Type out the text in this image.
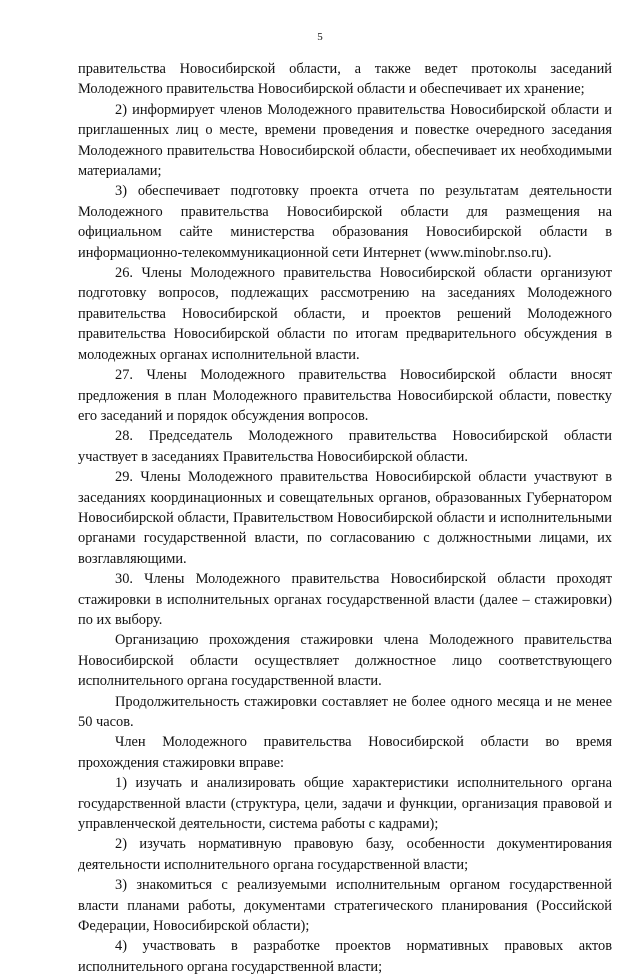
5

правительства Новосибирской области, а также ведет протоколы заседаний Молодежного правительства Новосибирской области и обеспечивает их хранение;

2) информирует членов Молодежного правительства Новосибирской области и приглашенных лиц о месте, времени проведения и повестке очередного заседания Молодежного правительства Новосибирской области, обеспечивает их необходимыми материалами;

3) обеспечивает подготовку проекта отчета по результатам деятельности Молодежного правительства Новосибирской области для размещения на официальном сайте министерства образования Новосибирской области в информационно-телекоммуникационной сети Интернет (www.minobr.nso.ru).

26. Члены Молодежного правительства Новосибирской области организуют подготовку вопросов, подлежащих рассмотрению на заседаниях Молодежного правительства Новосибирской области, и проектов решений Молодежного правительства Новосибирской области по итогам предварительного обсуждения в молодежных органах исполнительной власти.

27. Члены Молодежного правительства Новосибирской области вносят предложения в план Молодежного правительства Новосибирской области, повестку его заседаний и порядок обсуждения вопросов.

28. Председатель Молодежного правительства Новосибирской области участвует в заседаниях Правительства Новосибирской области.

29. Члены Молодежного правительства Новосибирской области участвуют в заседаниях координационных и совещательных органов, образованных Губернатором Новосибирской области, Правительством Новосибирской области и исполнительными органами государственной власти, по согласованию с должностными лицами, их возглавляющими.

30. Члены Молодежного правительства Новосибирской области проходят стажировки в исполнительных органах государственной власти (далее – стажировки) по их выбору.

Организацию прохождения стажировки члена Молодежного правительства Новосибирской области осуществляет должностное лицо соответствующего исполнительного органа государственной власти.

Продолжительность стажировки составляет не более одного месяца и не менее 50 часов.

Член Молодежного правительства Новосибирской области во время прохождения стажировки вправе:

1) изучать и анализировать общие характеристики исполнительного органа государственной власти (структура, цели, задачи и функции, организация правовой и управленческой деятельности, система работы с кадрами);

2) изучать нормативную правовую базу, особенности документирования деятельности исполнительного органа государственной власти;

3) знакомиться с реализуемыми исполнительным органом государственной власти планами работы, документами стратегического планирования (Российской Федерации, Новосибирской области);

4) участвовать в разработке проектов нормативных правовых актов исполнительного органа государственной власти;
